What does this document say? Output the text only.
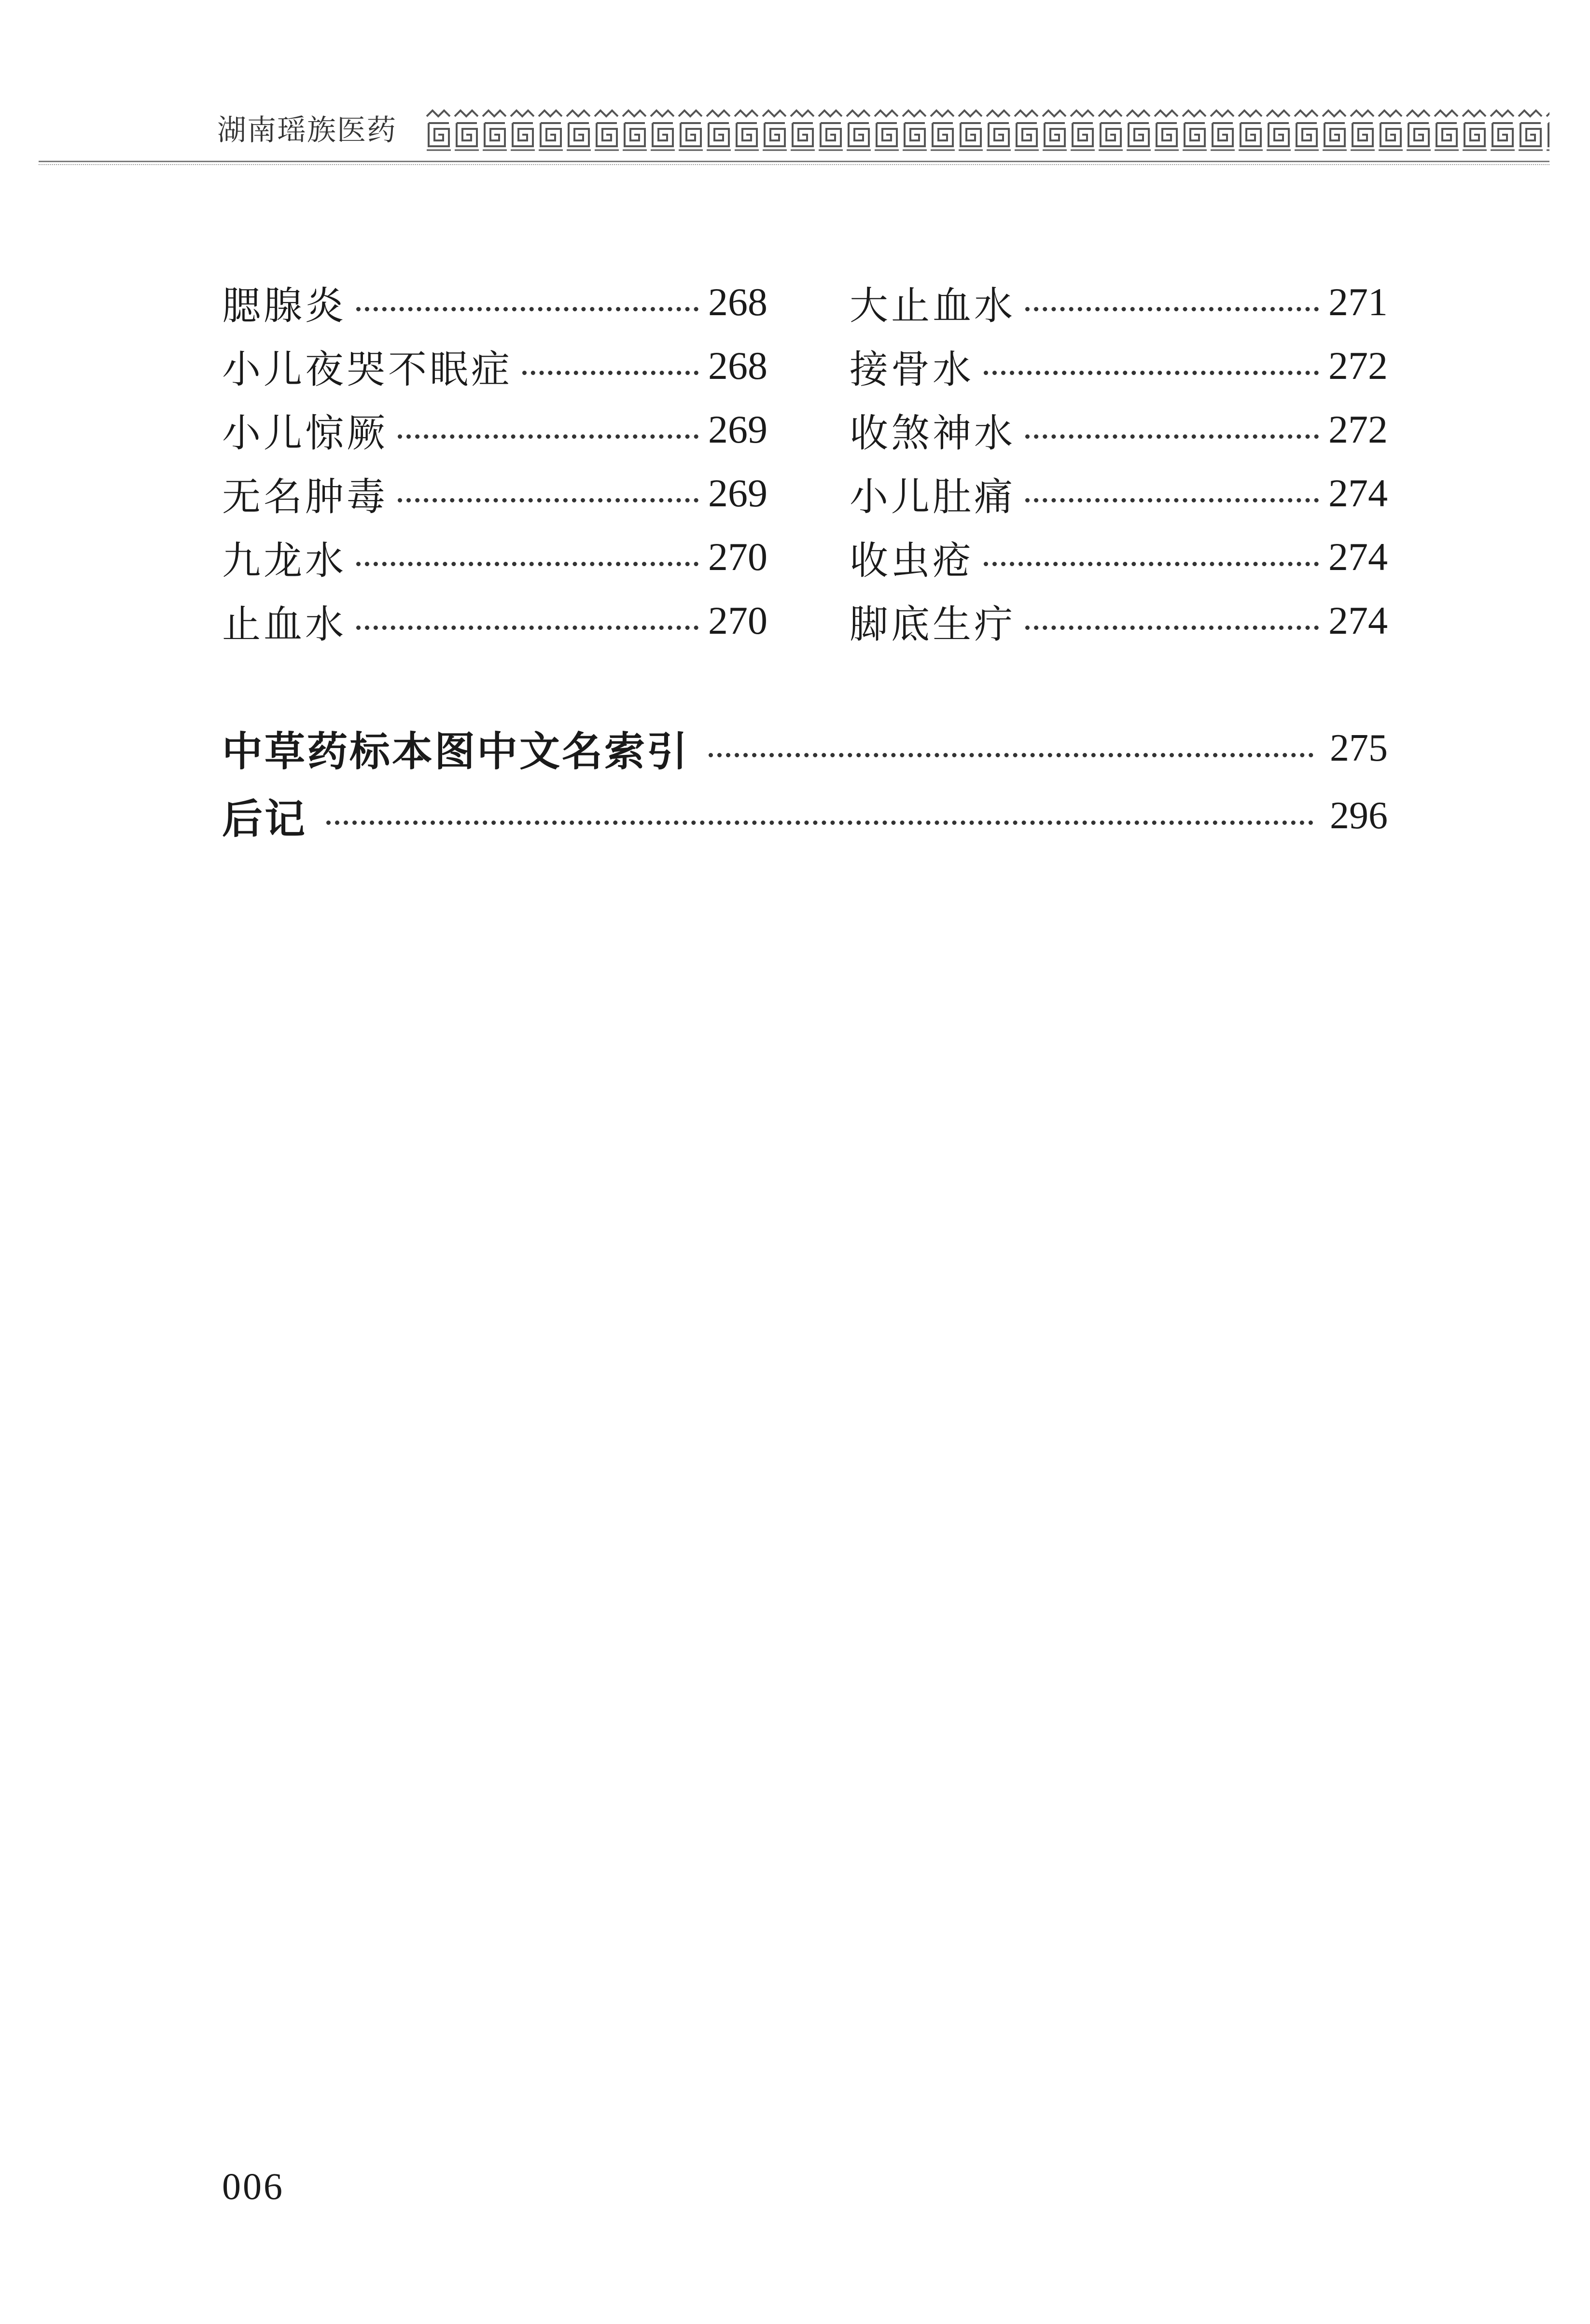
湖南瑶族医药
腮腺炎	268
小儿夜哭不眠症	268
小儿惊厥	269
无名肿毒	269
九龙水	270
止血水	270
大止血水	271
接骨水	272
收煞神水	272
小儿肚痛	274
收虫疮	274
脚底生疔	274
中草药标本图中文名索引	275
后记	296
006
